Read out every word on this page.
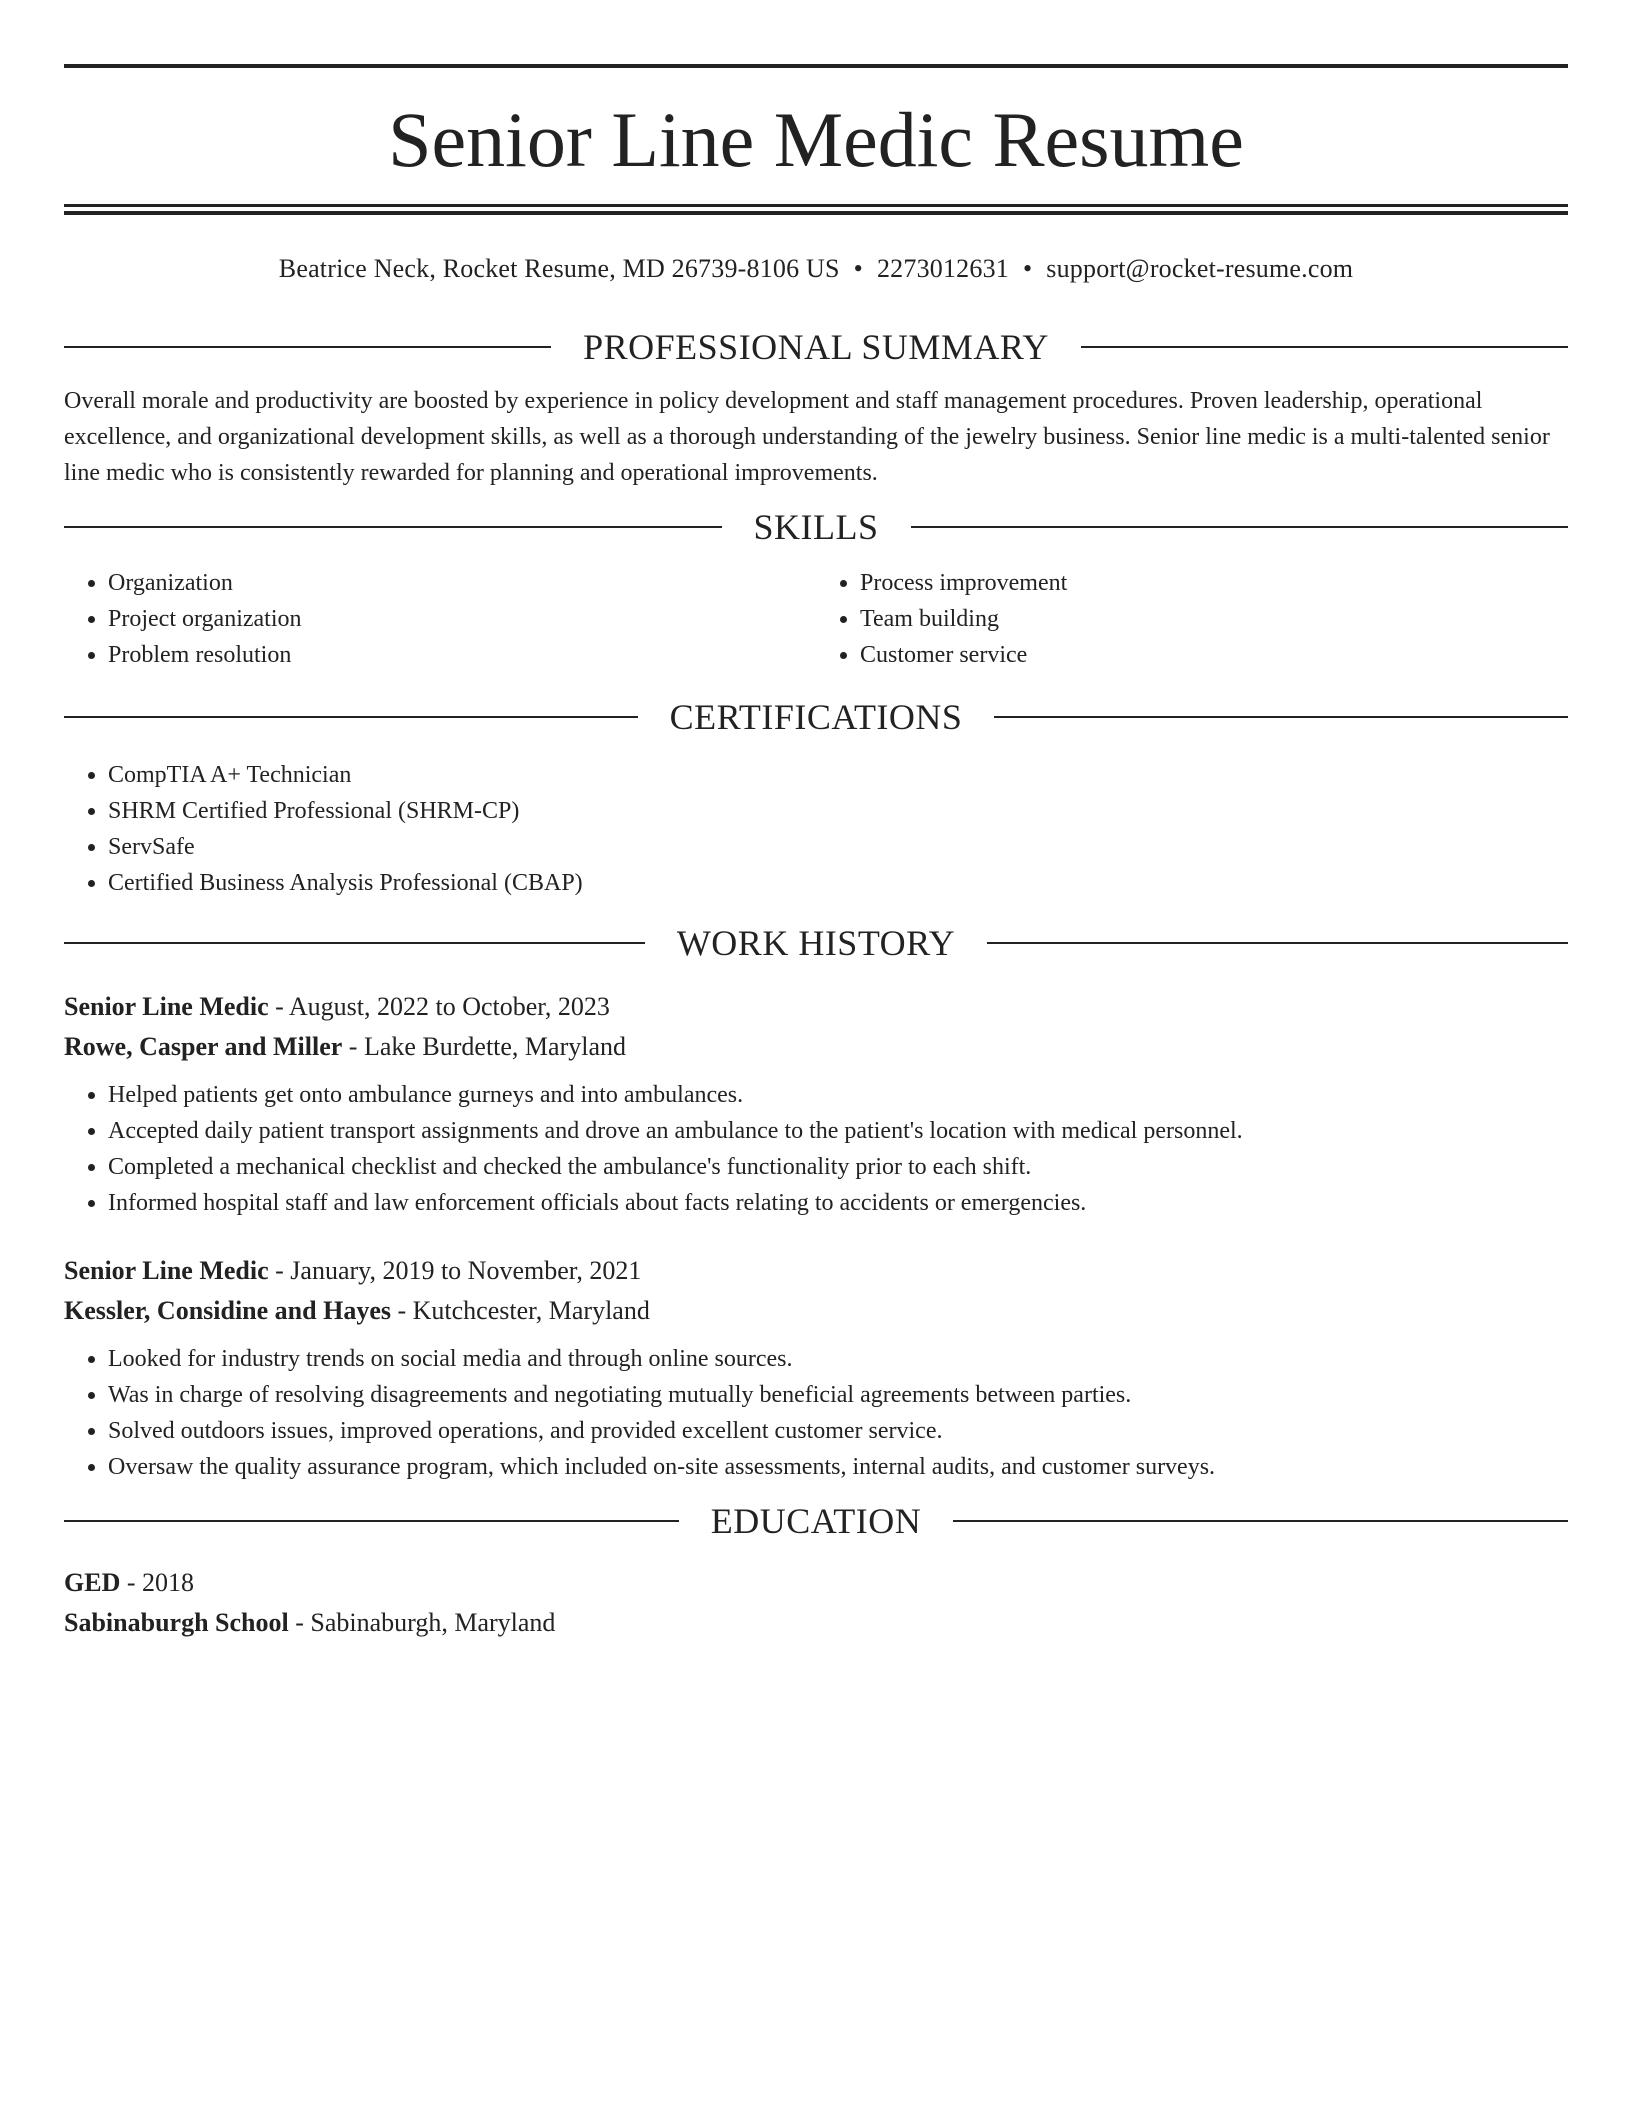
Senior Line Medic Resume
Beatrice Neck, Rocket Resume, MD 26739-8106 US • 2273012631 • support@rocket-resume.com
PROFESSIONAL SUMMARY

Overall morale and productivity are boosted by experience in policy development and staff management procedures. Proven leadership, operational excellence, and organizational development skills, as well as a thorough understanding of the jewelry business. Senior line medic is a multi-talented senior line medic who is consistently rewarded for planning and operational improvements.

SKILLS
• Organization
• Project organization
• Problem resolution
• Process improvement
• Team building
• Customer service
CERTIFICATIONS
• CompTIA A+ Technician
• SHRM Certified Professional (SHRM-CP)
• ServSafe
• Certified Business Analysis Professional (CBAP)
WORK HISTORY
Senior Line Medic - August, 2022 to October, 2023
Rowe, Casper and Miller - Lake Burdette, Maryland
• Helped patients get onto ambulance gurneys and into ambulances.
• Accepted daily patient transport assignments and drove an ambulance to the patient's location with medical personnel.
• Completed a mechanical checklist and checked the ambulance's functionality prior to each shift.
• Informed hospital staff and law enforcement officials about facts relating to accidents or emergencies.
Senior Line Medic - January, 2019 to November, 2021
Kessler, Considine and Hayes - Kutchcester, Maryland
• Looked for industry trends on social media and through online sources.
• Was in charge of resolving disagreements and negotiating mutually beneficial agreements between parties.
• Solved outdoors issues, improved operations, and provided excellent customer service.
• Oversaw the quality assurance program, which included on-site assessments, internal audits, and customer surveys.
EDUCATION
GED - 2018
Sabinaburgh School - Sabinaburgh, Maryland
